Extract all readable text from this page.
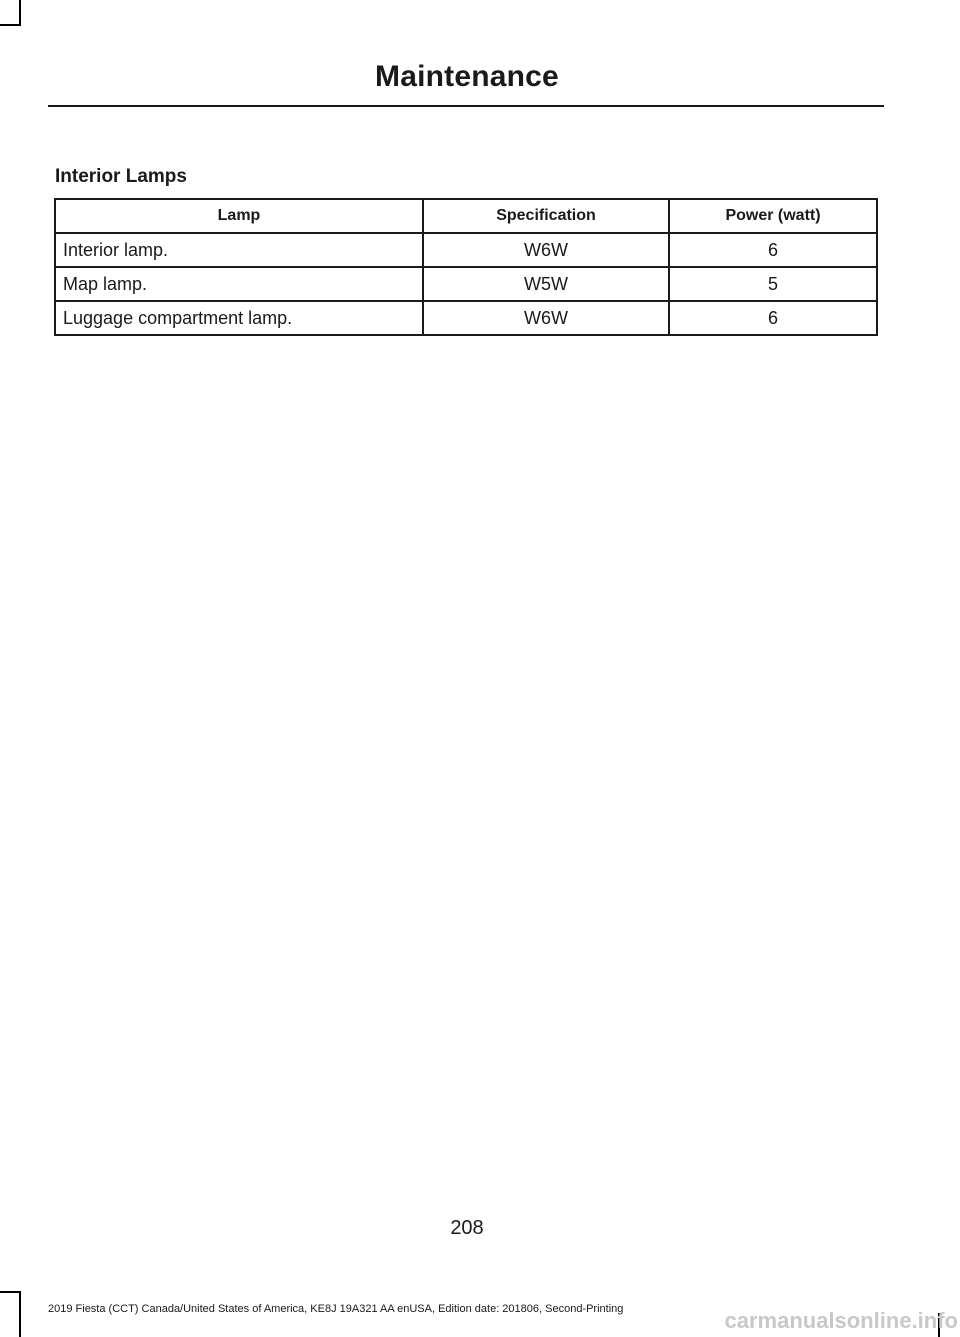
Maintenance
Interior Lamps
Lamp	Specification	Power (watt)
Interior lamp.	W6W	6
Map lamp.	W5W	5
Luggage compartment lamp.	W6W	6
208
2019 Fiesta (CCT) Canada/United States of America, KE8J 19A321 AA enUSA, Edition date: 201806, Second-Printing	carmanualsonline.info
